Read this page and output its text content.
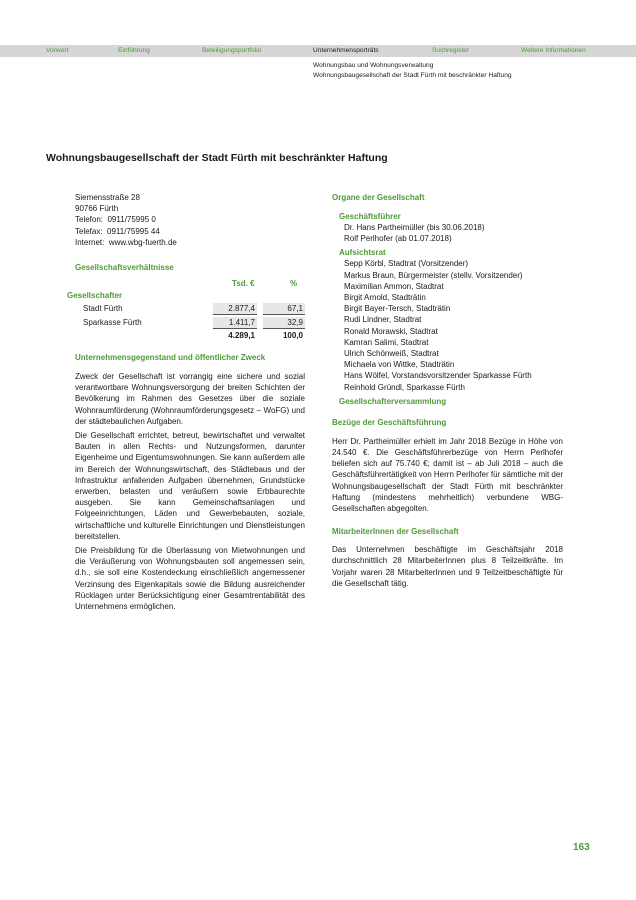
Vorwort	Einführung	Beteiligungsportfolio	Unternehmensporträts	Suchregister	Weitere Informationen
Wohnungsbau und Wohnungsverwaltung
Wohnungsbaugesellschaft der Stadt Fürth mit beschränkter Haftung
Wohnungsbaugesellschaft der Stadt Fürth mit beschränkter Haftung
Siemensstraße 28
90766 Fürth
Telefon: 0911/75995 0
Telefax: 0911/75995 44
Internet: www.wbg-fuerth.de
Gesellschaftsverhältnisse
Tsd. €	%
Gesellschafter
Stadt Fürth	2.877,4	67,1
Sparkasse Fürth	1.411,7	32,9
4.289,1	100,0
Unternehmensgegenstand und öffentlicher Zweck

Zweck der Gesellschaft ist vorrangig eine sichere und sozial verantwortbare Wohnungsversorgung der breiten Schichten der Bevölkerung im Rahmen des Gesetzes über die soziale Wohnraumförderung (Wohnraumförderungsgesetz – WoFG) und der städtebaulichen Aufgaben.

Die Gesellschaft errichtet, betreut, bewirtschaftet und verwaltet Bauten in allen Rechts- und Nutzungsformen, darunter Eigenheime und Eigentumswohnungen. Sie kann außerdem alle im Bereich der Wohnungswirtschaft, des Städtebaus und der Infrastruktur anfallenden Aufgaben übernehmen, Grundstücke erwerben, belasten und veräußern sowie Erbbaurechte ausgeben. Sie kann Gemeinschaftsanlagen und Folgeeinrichtungen, Läden und Gewerbebauten, soziale, wirtschaftliche und kulturelle Einrichtungen und Dienstleistungen bereitstellen.

Die Preisbildung für die Überlassung von Mietwohnungen und die Veräußerung von Wohnungsbauten soll angemessen sein, d.h., sie soll eine Kostendeckung einschließlich angemessener Verzinsung des Eigenkapitals sowie die Bildung ausreichender Rücklagen unter Berücksichtigung einer Gesamtrentabilität des Unternehmens ermöglichen.

Organe der Gesellschaft
Geschäftsführer
Dr. Hans Partheimüller (bis 30.06.2018)
Rolf Perlhofer (ab 01.07.2018)
Aufsichtsrat
Sepp Körbl, Stadtrat (Vorsitzender)
Markus Braun, Bürgermeister (stellv. Vorsitzender)
Maximilian Ammon, Stadtrat
Birgit Arnold, Stadträtin
Birgit Bayer-Tersch, Stadträtin
Rudi Lindner, Stadtrat
Ronald Morawski, Stadtrat
Kamran Salimi, Stadtrat
Ulrich Schönweiß, Stadtrat
Michaela von Wittke, Stadträtin
Hans Wölfel, Vorstandsvorsitzender Sparkasse Fürth
Reinhold Gründl, Sparkasse Fürth
Gesellschafterversammlung
Bezüge der Geschäftsführung

Herr Dr. Partheimüller erhielt im Jahr 2018 Bezüge in Höhe von 24.540 €. Die Geschäftsführerbezüge von Herrn Perlhofer beliefen sich auf 75.740 €; damit ist – ab Juli 2018 – auch die Geschäftsführertätigkeit von Herrn Perlhofer für sämtliche mit der Wohnungsbaugesellschaft der Stadt Fürth mit beschränkter Haftung (mindestens mehrheitlich) verbundene WBG-Gesellschaften abgegolten.

MitarbeiterInnen der Gesellschaft

Das Unternehmen beschäftigte im Geschäftsjahr 2018 durchschnittlich 28 MitarbeiterInnen plus 8 Teilzeitkräfte. Im Vorjahr waren 28 MitarbeiterInnen und 9 Teilzeitbeschäftigte für die Gesellschaft tätig.

163
